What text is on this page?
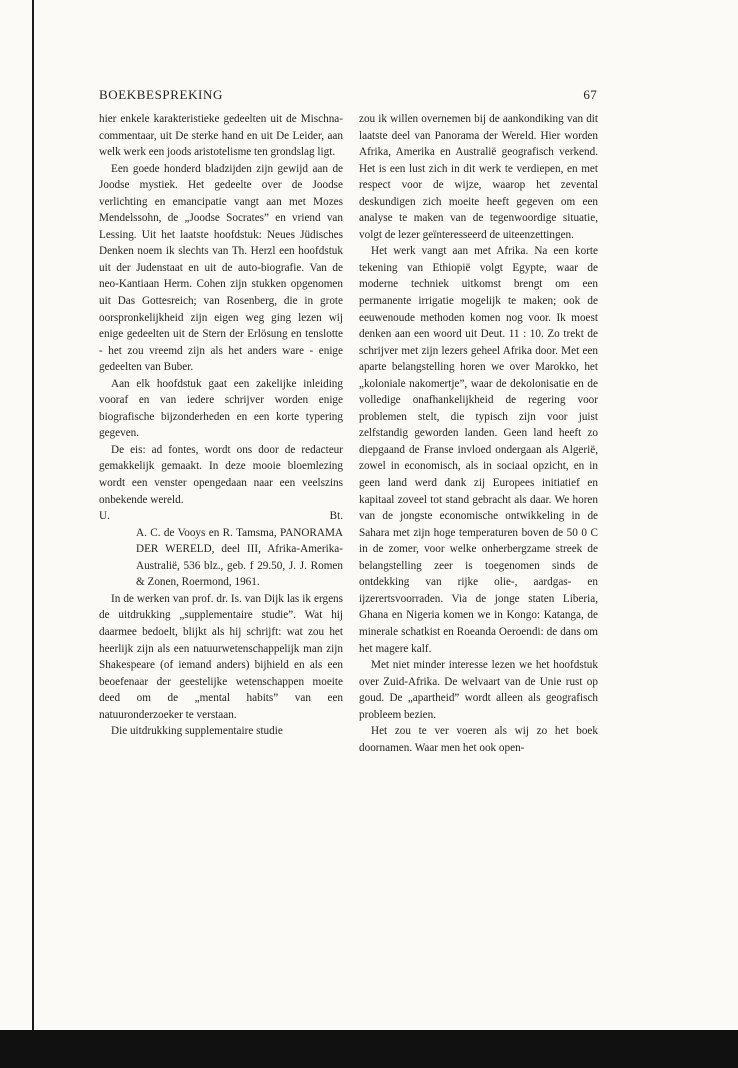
BOEKBESPREKING	67

hier enkele karakteristieke gedeelten uit de Mischna-commentaar, uit De sterke hand en uit De Leider, aan welk werk een joods aristotelisme ten grondslag ligt.

Een goede honderd bladzijden zijn gewijd aan de Joodse mystiek. Het gedeelte over de Joodse verlichting en emancipatie vangt aan met Mozes Mendelssohn, de „Joodse Socrates” en vriend van Lessing. Uit het laatste hoofdstuk: Neues Jüdisches Denken noem ik slechts van Th. Herzl een hoofdstuk uit der Judenstaat en uit de auto-biografie. Van de neo-Kantiaan Herm. Cohen zijn stukken opgenomen uit Das Gottesreich; van Rosenberg, die in grote oorspronkelijkheid zijn eigen weg ging lezen wij enige gedeelten uit de Stern der Erlösung en tenslotte - het zou vreemd zijn als het anders ware - enige gedeelten van Buber.

Aan elk hoofdstuk gaat een zakelijke inleiding vooraf en van iedere schrijver worden enige biografische bijzonderheden en een korte typering gegeven.

De eis: ad fontes, wordt ons door de redacteur gemakkelijk gemaakt. In deze mooie bloemlezing wordt een venster opengedaan naar een veelszins onbekende wereld.

U.	Bt.

A. C. de Vooys en R. Tamsma, PANORAMA DER WERELD, deel III, Afrika-Amerika-Australië, 536 blz., geb. f 29.50, J. J. Romen & Zonen, Roermond, 1961.

In de werken van prof. dr. Is. van Dijk las ik ergens de uitdrukking „supplementaire studie”. Wat hij daarmee bedoelt, blijkt als hij schrijft: wat zou het heerlijk zijn als een natuurwetenschappelijk man zijn Shakespeare (of iemand anders) bijhield en als een beoefenaar der geestelijke wetenschappen moeite deed om de „mental habits” van een natuuronderzoeker te verstaan.

Die uitdrukking supplementaire studie

zou ik willen overnemen bij de aankondiking van dit laatste deel van Panorama der Wereld. Hier worden Afrika, Amerika en Australië geografisch verkend. Het is een lust zich in dit werk te verdiepen, en met respect voor de wijze, waarop het zevental deskundigen zich moeite heeft gegeven om een analyse te maken van de tegenwoordige situatie, volgt de lezer geïnteresseerd de uiteenzettingen.

Het werk vangt aan met Afrika. Na een korte tekening van Ethiopië volgt Egypte, waar de moderne techniek uitkomst brengt om een permanente irrigatie mogelijk te maken; ook de eeuwenoude methoden komen nog voor. Ik moest denken aan een woord uit Deut. 11 : 10. Zo trekt de schrijver met zijn lezers geheel Afrika door. Met een aparte belangstelling horen we over Marokko, het „koloniale nakomertje”, waar de dekolonisatie en de volledige onafhankelijkheid de regering voor problemen stelt, die typisch zijn voor juist zelfstandig geworden landen. Geen land heeft zo diepgaand de Franse invloed ondergaan als Algerië, zowel in economisch, als in sociaal opzicht, en in geen land werd dank zij Europees initiatief en kapitaal zoveel tot stand gebracht als daar. We horen van de jongste economische ontwikkeling in de Sahara met zijn hoge temperaturen boven de 50 0 C in de zomer, voor welke onherbergzame streek de belangstelling zeer is toegenomen sinds de ontdekking van rijke olie-, aardgas- en ijzerertsvoorraden. Via de jonge staten Liberia, Ghana en Nigeria komen we in Kongo: Katanga, de minerale schatkist en Roeanda Oeroendi: de dans om het magere kalf.

Met niet minder interesse lezen we het hoofdstuk over Zuid-Afrika. De welvaart van de Unie rust op goud. De „apartheid” wordt alleen als geografisch probleem bezien.

Het zou te ver voeren als wij zo het boek doornamen. Waar men het ook open-
